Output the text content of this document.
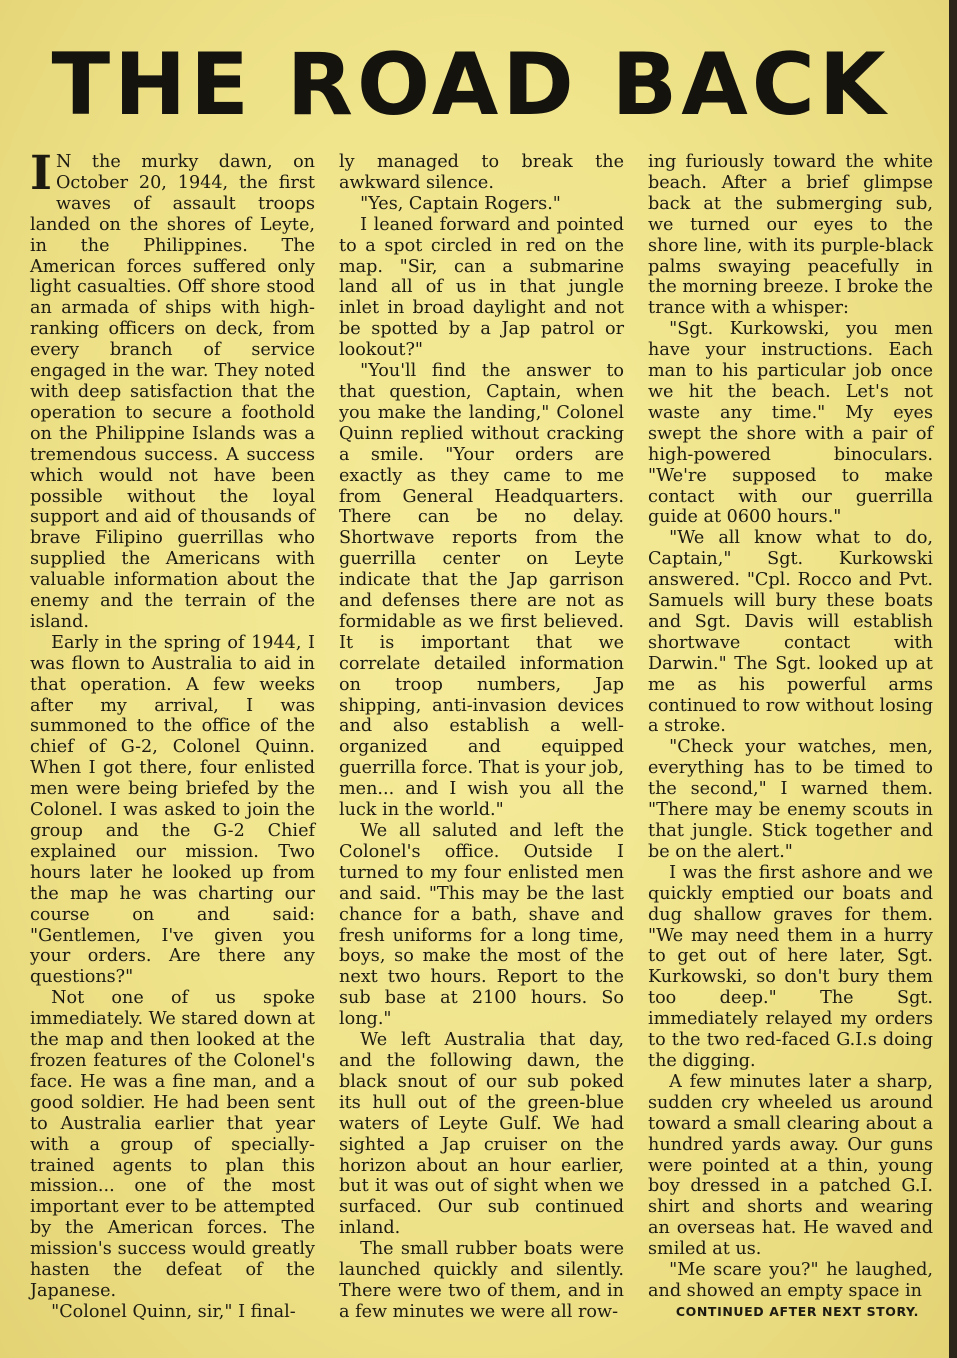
THE ROAD BACK

I N the murky dawn, on October 20, 1944, the first waves of assault troops landed on the shores of Leyte, in the Philippines. The American forces suffered only light casualties. Off shore stood an armada of ships with high-ranking officers on deck, from every branch of service engaged in the war. They noted with deep satisfaction that the operation to secure a foothold on the Philippine Islands was a tremendous success. A success which would not have been possible without the loyal support and aid of thousands of brave Filipino guerrillas who supplied the Americans with valuable information about the enemy and the terrain of the island.

Early in the spring of 1944, I was flown to Australia to aid in that operation. A few weeks after my arrival, I was summoned to the office of the chief of G-2, Colonel Quinn. When I got there, four enlisted men were being briefed by the Colonel. I was asked to join the group and the G-2 Chief explained our mission. Two hours later he looked up from the map he was charting our course on and said: "Gentlemen, I've given you your orders. Are there any questions?"

Not one of us spoke immediately. We stared down at the map and then looked at the frozen features of the Colonel's face. He was a fine man, and a good soldier. He had been sent to Australia earlier that year with a group of specially-trained agents to plan this mission... one of the most important ever to be attempted by the American forces. The mission's success would greatly hasten the defeat of the Japanese.

"Colonel Quinn, sir," I final-

ly managed to break the awkward silence.

"Yes, Captain Rogers."

I leaned forward and pointed to a spot circled in red on the map. "Sir, can a submarine land all of us in that jungle inlet in broad daylight and not be spotted by a Jap patrol or lookout?"

"You'll find the answer to that question, Captain, when you make the landing," Colonel Quinn replied without cracking a smile. "Your orders are exactly as they came to me from General Headquarters. There can be no delay. Shortwave reports from the guerrilla center on Leyte indicate that the Jap garrison and defenses there are not as formidable as we first believed. It is important that we correlate detailed information on troop numbers, Jap shipping, anti-invasion devices and also establish a well-organized and equipped guerrilla force. That is your job, men... and I wish you all the luck in the world."

We all saluted and left the Colonel's office. Outside I turned to my four enlisted men and said. "This may be the last chance for a bath, shave and fresh uniforms for a long time, boys, so make the most of the next two hours. Report to the sub base at 2100 hours. So long."

We left Australia that day, and the following dawn, the black snout of our sub poked its hull out of the green-blue waters of Leyte Gulf. We had sighted a Jap cruiser on the horizon about an hour earlier, but it was out of sight when we surfaced. Our sub continued inland.

The small rubber boats were launched quickly and silently. There were two of them, and in a few minutes we were all row-

ing furiously toward the white beach. After a brief glimpse back at the submerging sub, we turned our eyes to the shore line, with its purple-black palms swaying peacefully in the morning breeze. I broke the trance with a whisper:

"Sgt. Kurkowski, you men have your instructions. Each man to his particular job once we hit the beach. Let's not waste any time." My eyes swept the shore with a pair of high-powered binoculars. "We're supposed to make contact with our guerrilla guide at 0600 hours."

"We all know what to do, Captain," Sgt. Kurkowski answered. "Cpl. Rocco and Pvt. Samuels will bury these boats and Sgt. Davis will establish shortwave contact with Darwin." The Sgt. looked up at me as his powerful arms continued to row without losing a stroke.

"Check your watches, men, everything has to be timed to the second," I warned them. "There may be enemy scouts in that jungle. Stick together and be on the alert."

I was the first ashore and we quickly emptied our boats and dug shallow graves for them. "We may need them in a hurry to get out of here later, Sgt. Kurkowski, so don't bury them too deep." The Sgt. immediately relayed my orders to the two red-faced G.I.s doing the digging.

A few minutes later a sharp, sudden cry wheeled us around toward a small clearing about a hundred yards away. Our guns were pointed at a thin, young boy dressed in a patched G.I. shirt and shorts and wearing an overseas hat. He waved and smiled at us.

"Me scare you?" he laughed, and showed an empty space in

CONTINUED AFTER NEXT STORY.
